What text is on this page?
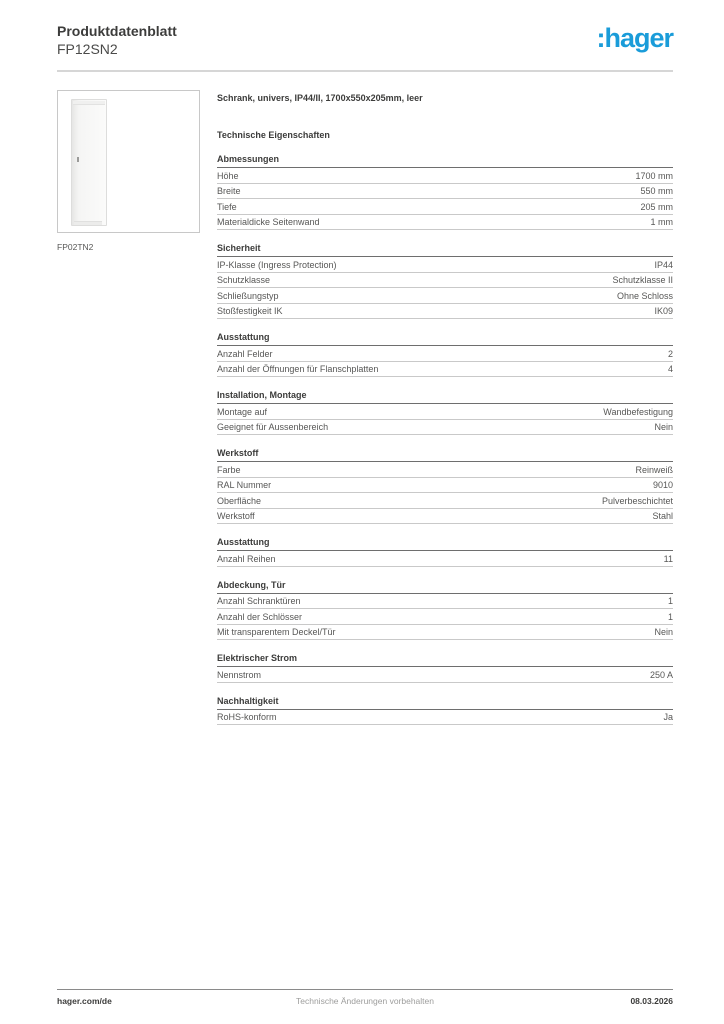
Produktdatenblatt
FP12SN2	:hager
FP02TN2
Schrank, univers, IP44/II, 1700x550x205mm, leer
Technische Eigenschaften
Abmessungen
Höhe	1700 mm
Breite	550 mm
Tiefe	205 mm
Materialdicke Seitenwand	1 mm
Sicherheit
IP-Klasse (Ingress Protection)	IP44
Schutzklasse	Schutzklasse II
Schließungstyp	Ohne Schloss
Stoßfestigkeit IK	IK09
Ausstattung
Anzahl Felder	2
Anzahl der Öffnungen für Flanschplatten	4
Installation, Montage
Montage auf	Wandbefestigung
Geeignet für Aussenbereich	Nein
Werkstoff
Farbe	Reinweiß
RAL Nummer	9010
Oberfläche	Pulverbeschichtet
Werkstoff	Stahl
Ausstattung
Anzahl Reihen	11
Abdeckung, Tür
Anzahl Schranktüren	1
Anzahl der Schlösser	1
Mit transparentem Deckel/Tür	Nein
Elektrischer Strom
Nennstrom	250 A
Nachhaltigkeit
RoHS-konform	Ja
hager.com/de	Technische Änderungen vorbehalten	08.03.2026
